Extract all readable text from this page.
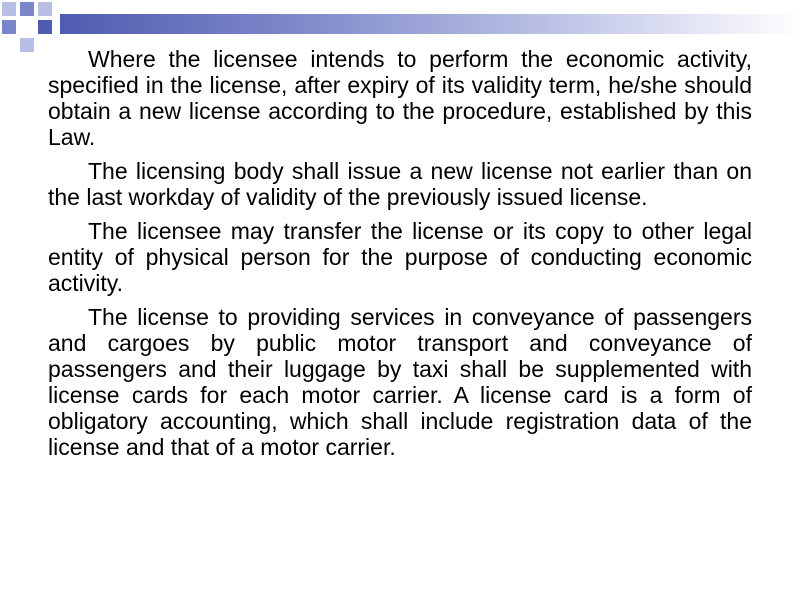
Where the licensee intends to perform the economic activity, specified in the license, after expiry of its validity term, he/she should obtain a new license according to the procedure, established by this Law.

The licensing body shall issue a new license not earlier than on the last workday of validity of the previously issued license.

The licensee may transfer the license or its copy to other legal entity of physical person for the purpose of conducting economic activity.

The license to providing services in conveyance of passengers and cargoes by public motor transport and conveyance of passengers and their luggage by taxi shall be supplemented with license cards for each motor carrier. A license card is a form of obligatory accounting, which shall include registration data of the license and that of a motor carrier.
